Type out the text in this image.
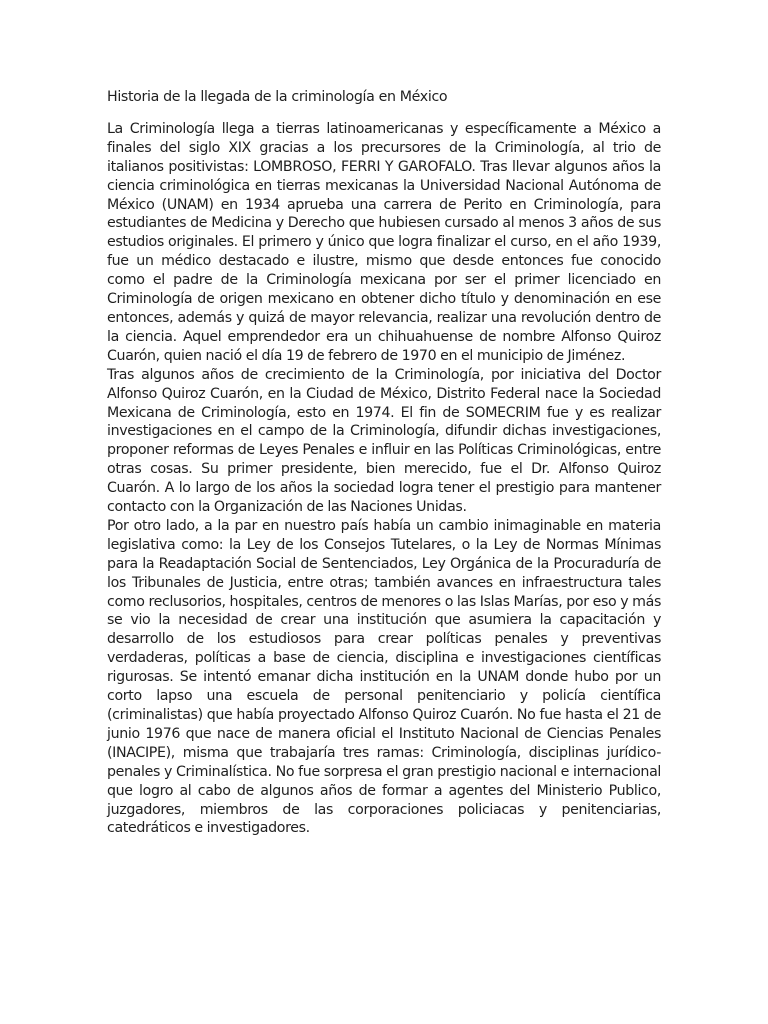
Historia de la llegada de la criminología en México

La Criminología llega a tierras latinoamericanas y específicamente a México a finales del siglo XIX gracias a los precursores de la Criminología, al trio de italianos positivistas: LOMBROSO, FERRI Y GAROFALO. Tras llevar algunos años la ciencia criminológica en tierras mexicanas la Universidad Nacional Autónoma de México (UNAM) en 1934 aprueba una carrera de Perito en Criminología, para estudiantes de Medicina y Derecho que hubiesen cursado al menos 3 años de sus estudios originales. El primero y único que logra finalizar el curso, en el año 1939, fue un médico destacado e ilustre, mismo que desde entonces fue conocido como el padre de la Criminología mexicana por ser el primer licenciado en Criminología de origen mexicano en obtener dicho título y denominación en ese entonces, además y quizá de mayor relevancia, realizar una revolución dentro de la ciencia. Aquel emprendedor era un chihuahuense de nombre Alfonso Quiroz Cuarón, quien nació el día 19 de febrero de 1970 en el municipio de Jiménez.

Tras algunos años de crecimiento de la Criminología, por iniciativa del Doctor Alfonso Quiroz Cuarón, en la Ciudad de México, Distrito Federal nace la Sociedad Mexicana de Criminología, esto en 1974. El fin de SOMECRIM fue y es realizar investigaciones en el campo de la Criminología, difundir dichas investigaciones, proponer reformas de Leyes Penales e influir en las Políticas Criminológicas, entre otras cosas. Su primer presidente, bien merecido, fue el Dr. Alfonso Quiroz Cuarón. A lo largo de los años la sociedad logra tener el prestigio para mantener contacto con la Organización de las Naciones Unidas.

Por otro lado, a la par en nuestro país había un cambio inimaginable en materia legislativa como: la Ley de los Consejos Tutelares, o la Ley de Normas Mínimas para la Readaptación Social de Sentenciados, Ley Orgánica de la Procuraduría de los Tribunales de Justicia, entre otras; también avances en infraestructura tales como reclusorios, hospitales, centros de menores o las Islas Marías, por eso y más se vio la necesidad de crear una institución que asumiera la capacitación y desarrollo de los estudiosos para crear políticas penales y preventivas verdaderas, políticas a base de ciencia, disciplina e investigaciones científicas rigurosas. Se intentó emanar dicha institución en la UNAM donde hubo por un corto lapso una escuela de personal penitenciario y policía científica (criminalistas) que había proyectado Alfonso Quiroz Cuarón. No fue hasta el 21 de junio 1976 que nace de manera oficial el Instituto Nacional de Ciencias Penales (INACIPE), misma que trabajaría tres ramas: Criminología, disciplinas jurídico-penales y Criminalística. No fue sorpresa el gran prestigio nacional e internacional que logro al cabo de algunos años de formar a agentes del Ministerio Publico, juzgadores, miembros de las corporaciones policiacas y penitenciarias, catedráticos e investigadores.
